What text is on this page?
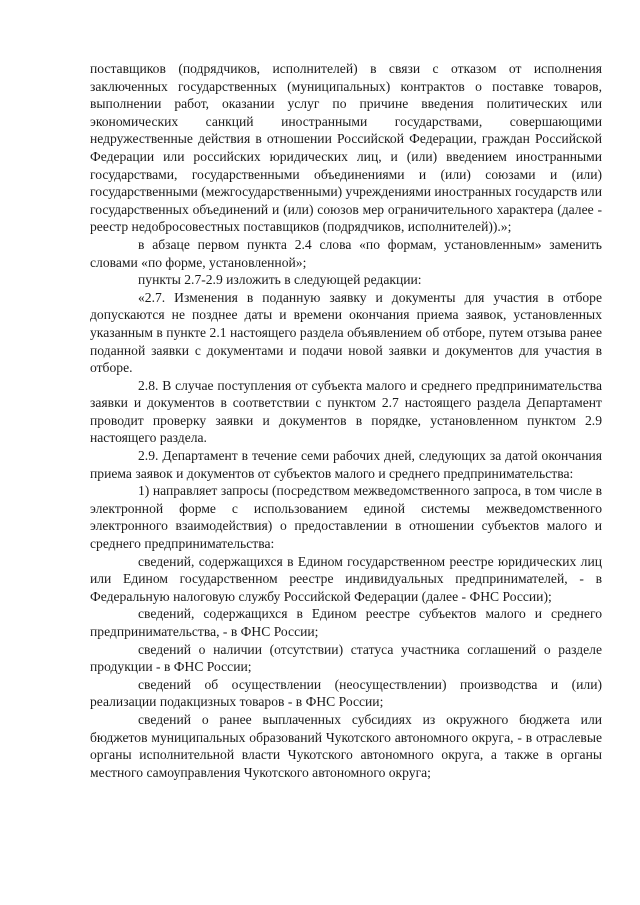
поставщиков (подрядчиков, исполнителей) в связи с отказом от исполнения заключенных государственных (муниципальных) контрактов о поставке товаров, выполнении работ, оказании услуг по причине введения политических или экономических санкций иностранными государствами, совершающими недружественные действия в отношении Российской Федерации, граждан Российской Федерации или российских юридических лиц, и (или) введением иностранными государствами, государственными объединениями и (или) союзами и (или) государственными (межгосударственными) учреждениями иностранных государств или государственных объединений и (или) союзов мер ограничительного характера (далее - реестр недобросовестных поставщиков (подрядчиков, исполнителей)).»;

в абзаце первом пункта 2.4 слова «по формам, установленным» заменить словами «по форме, установленной»;

пункты 2.7-2.9 изложить в следующей редакции:

«2.7. Изменения в поданную заявку и документы для участия в отборе допускаются не позднее даты и времени окончания приема заявок, установленных указанным в пункте 2.1 настоящего раздела объявлением об отборе, путем отзыва ранее поданной заявки с документами и подачи новой заявки и документов для участия в отборе.

2.8. В случае поступления от субъекта малого и среднего предпринимательства заявки и документов в соответствии с пунктом 2.7 настоящего раздела Департамент проводит проверку заявки и документов в порядке, установленном пунктом 2.9 настоящего раздела.

2.9. Департамент в течение семи рабочих дней, следующих за датой окончания приема заявок и документов от субъектов малого и среднего предпринимательства:

1) направляет запросы (посредством межведомственного запроса, в том числе в электронной форме с использованием единой системы межведомственного электронного взаимодействия) о предоставлении в отношении субъектов малого и среднего предпринимательства:

сведений, содержащихся в Едином государственном реестре юридических лиц или Едином государственном реестре индивидуальных предпринимателей, - в Федеральную налоговую службу Российской Федерации (далее - ФНС России);

сведений, содержащихся в Едином реестре субъектов малого и среднего предпринимательства, - в ФНС России;

сведений о наличии (отсутствии) статуса участника соглашений о разделе продукции - в ФНС России;

сведений об осуществлении (неосуществлении) производства и (или) реализации подакцизных товаров - в ФНС России;

сведений о ранее выплаченных субсидиях из окружного бюджета или бюджетов муниципальных образований Чукотского автономного округа, - в отраслевые органы исполнительной власти Чукотского автономного округа, а также в органы местного самоуправления Чукотского автономного округа;
